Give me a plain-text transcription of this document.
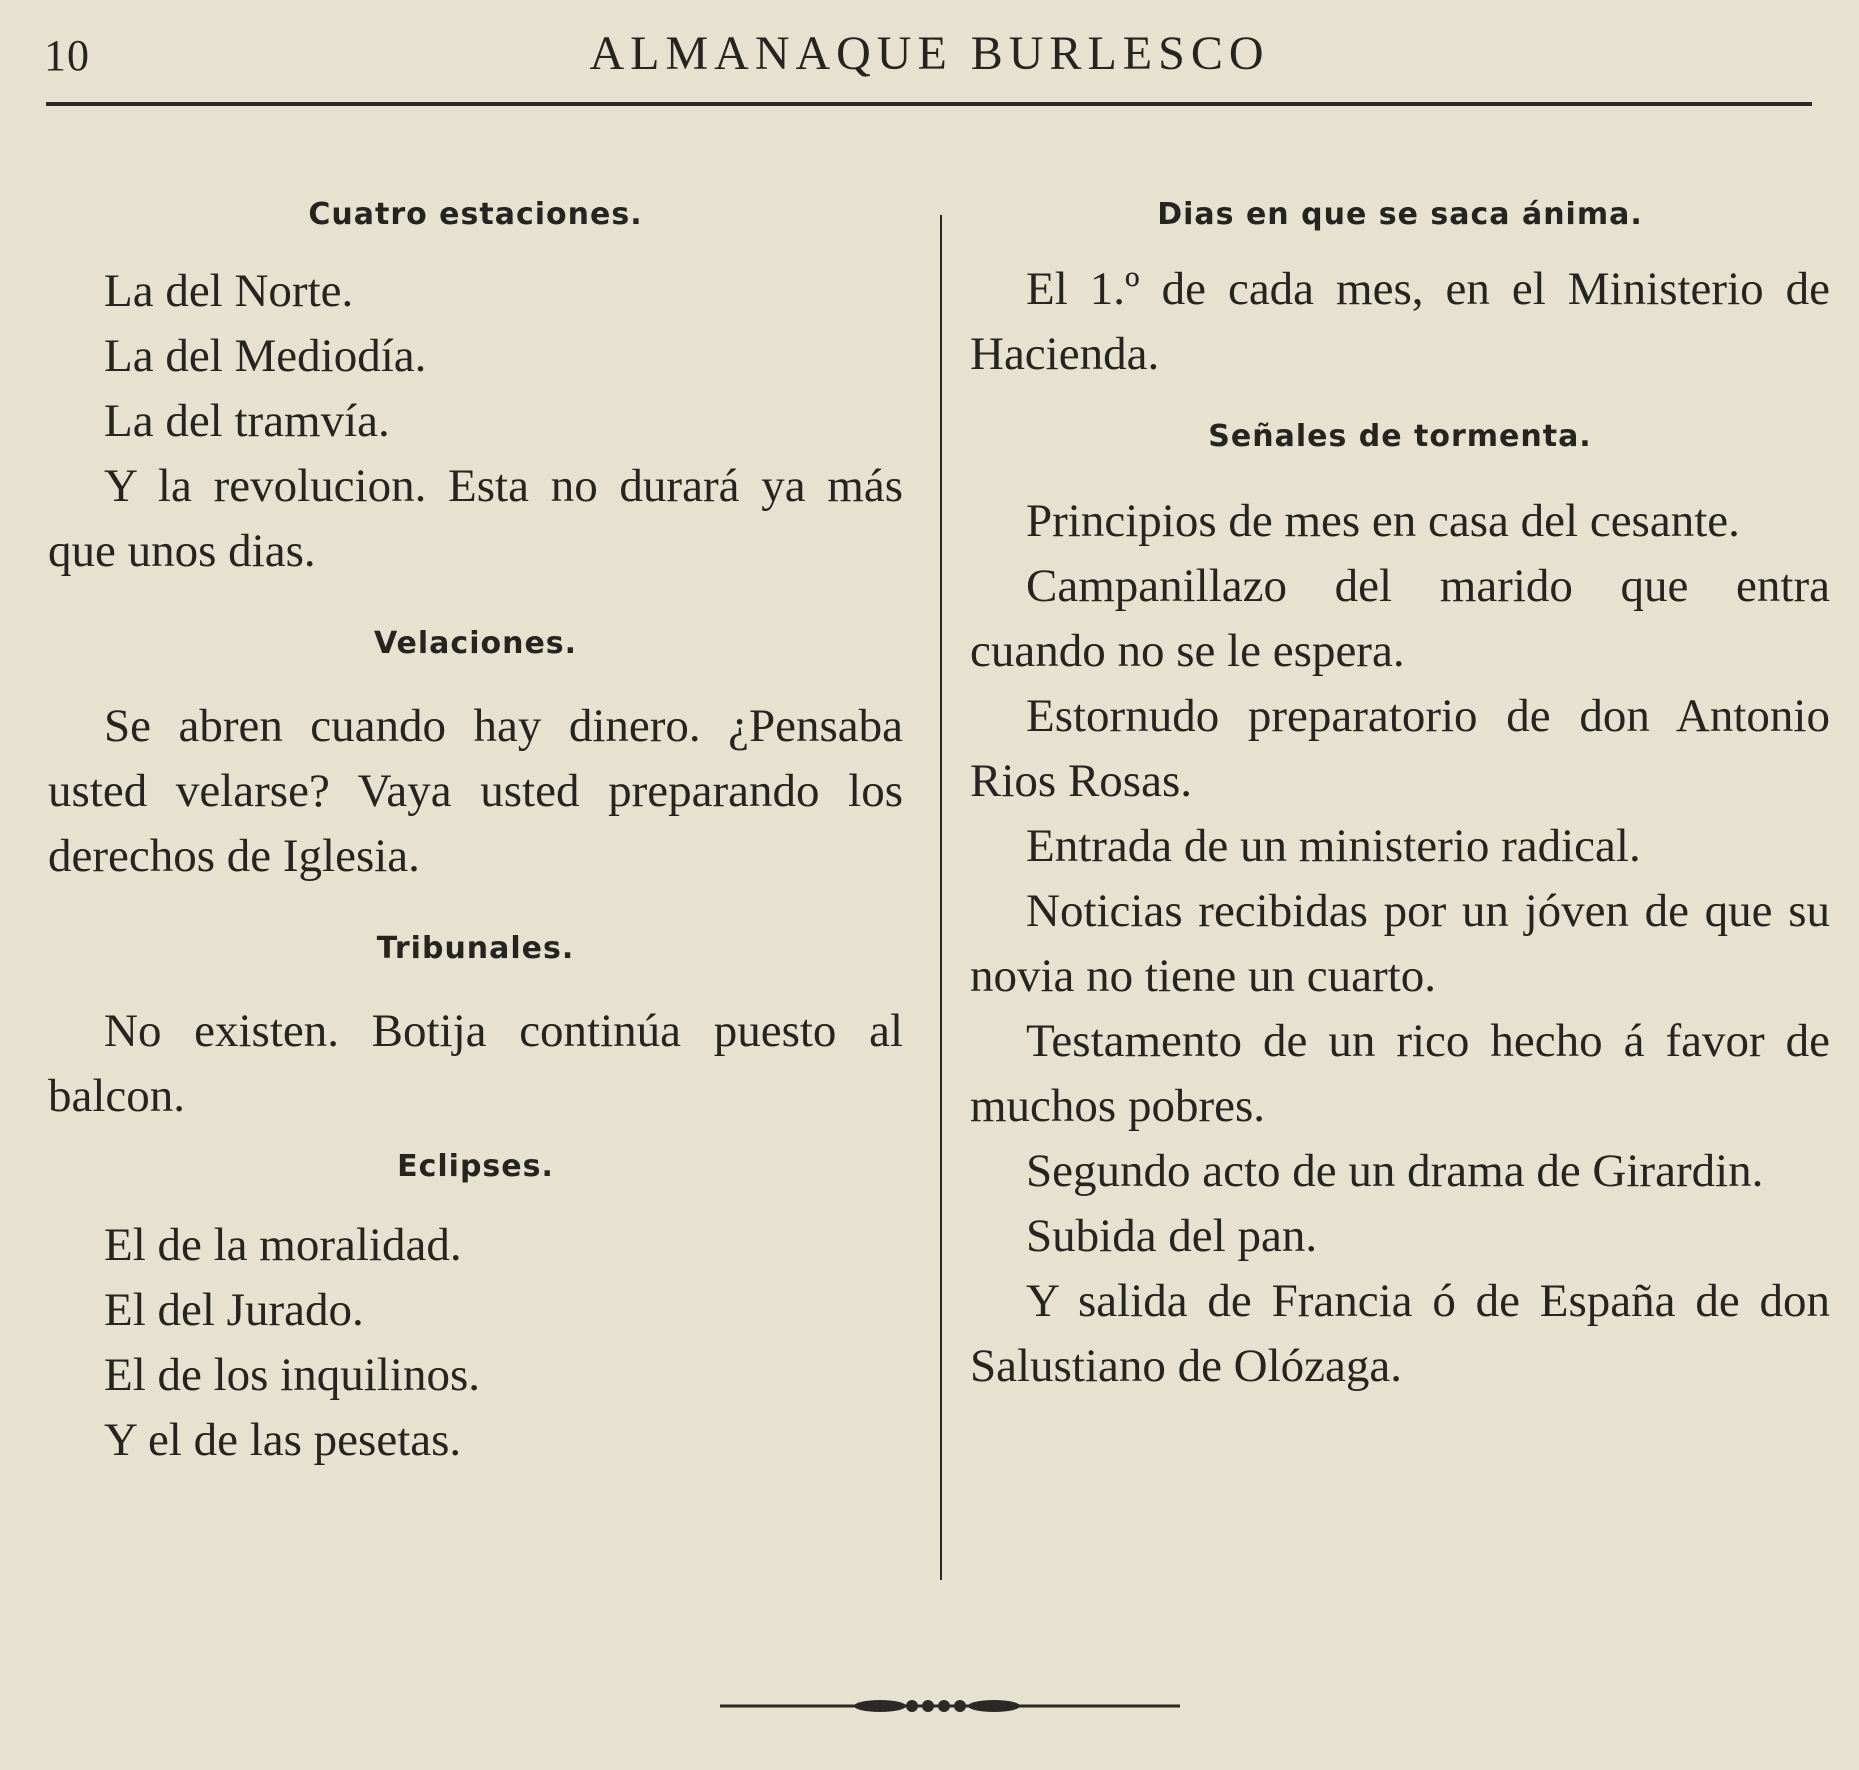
10	ALMANAQUE BURLESCO
Cuatro estaciones.
La del Norte.
La del Mediodía.
La del tramvía.
Y la revolucion. Esta no durará ya más que unos dias.
Velaciones.
Se abren cuando hay dinero. ¿Pensaba usted velarse? Vaya usted preparando los derechos de Iglesia.
Tribunales.
No existen. Botija continúa puesto al balcon.
Eclipses.
El de la moralidad.
El del Jurado.
El de los inquilinos.
Y el de las pesetas.
Dias en que se saca ánima.
El 1.º de cada mes, en el Ministerio de Hacienda.
Señales de tormenta.
Principios de mes en casa del cesante.
Campanillazo del marido que entra cuando no se le espera.
Estornudo preparatorio de don Antonio Rios Rosas.
Entrada de un ministerio radical.
Noticias recibidas por un jóven de que su novia no tiene un cuarto.
Testamento de un rico hecho á favor de muchos pobres.
Segundo acto de un drama de Girardin.
Subida del pan.
Y salida de Francia ó de España de don Salustiano de Olózaga.
